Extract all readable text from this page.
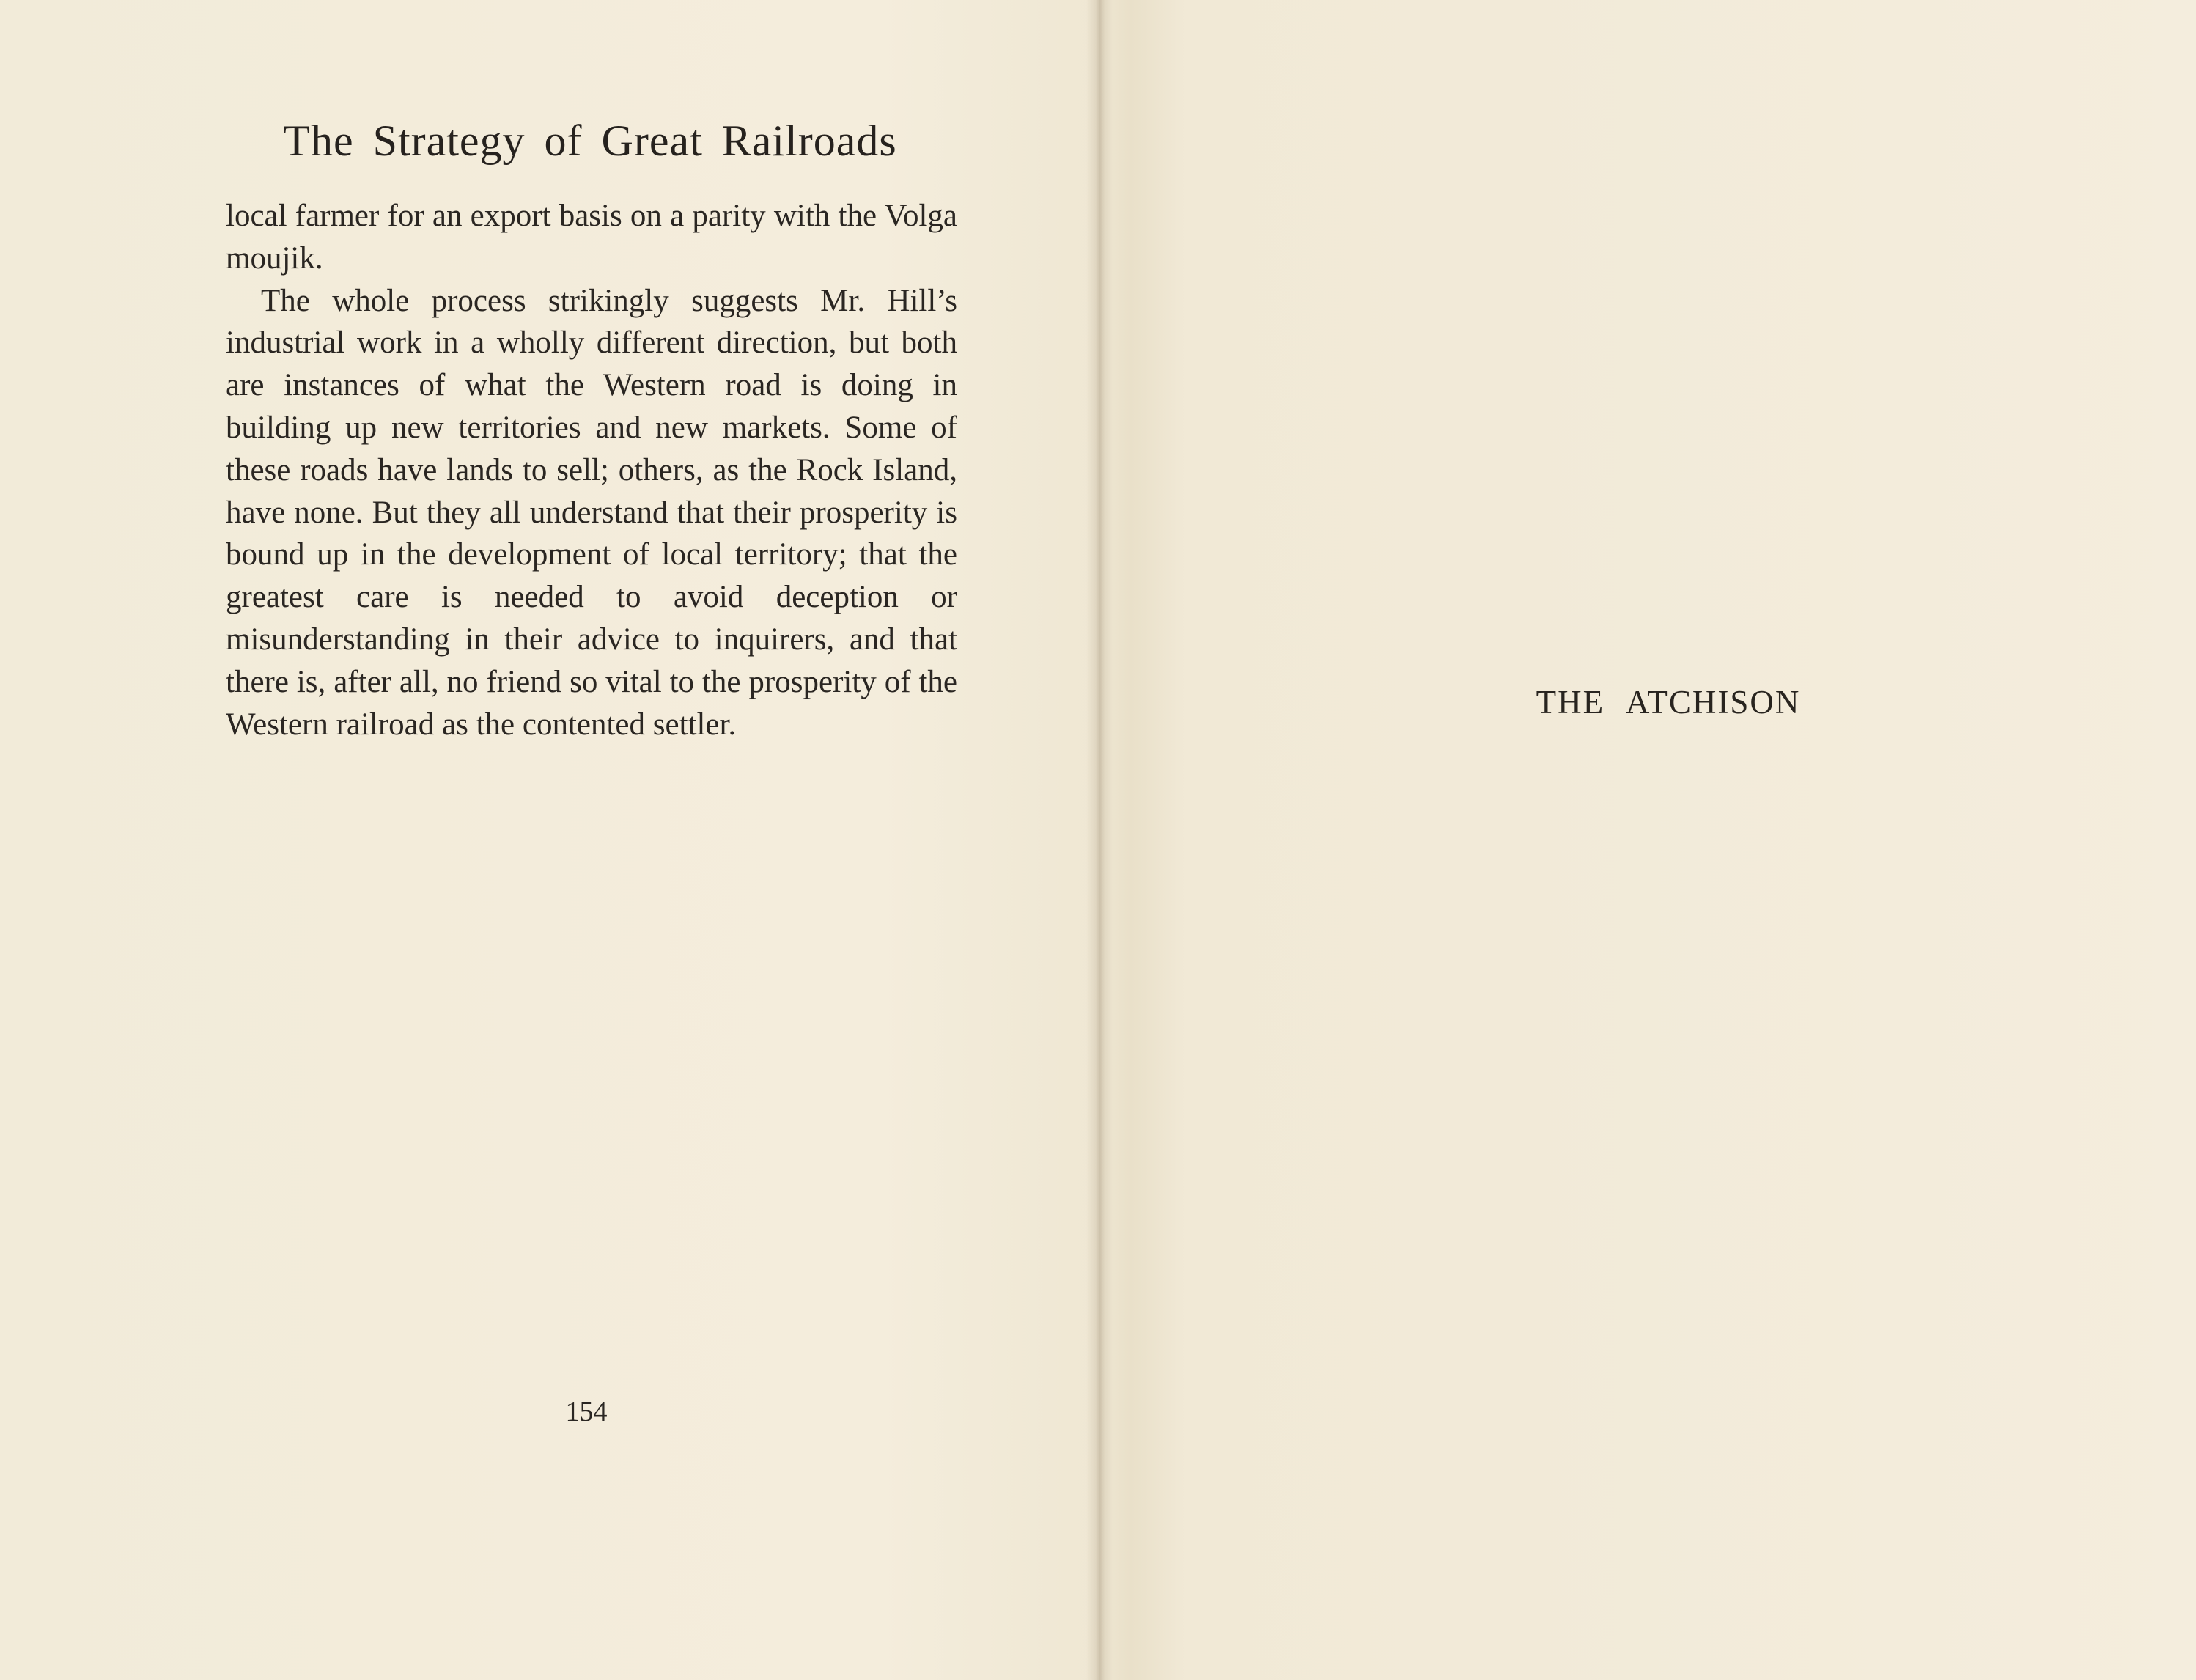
The Strategy of Great Railroads

local farmer for an export basis on a parity with the Volga moujik.

The whole process strikingly suggests Mr. Hill’s industrial work in a wholly different direction, but both are instances of what the Western road is doing in building up new territories and new markets. Some of these roads have lands to sell; others, as the Rock Island, have none. But they all understand that their prosperity is bound up in the development of local territory; that the greatest care is needed to avoid deception or misunderstanding in their advice to inquirers, and that there is, after all, no friend so vital to the prosperity of the Western railroad as the contented settler.

154
THE ATCHISON
